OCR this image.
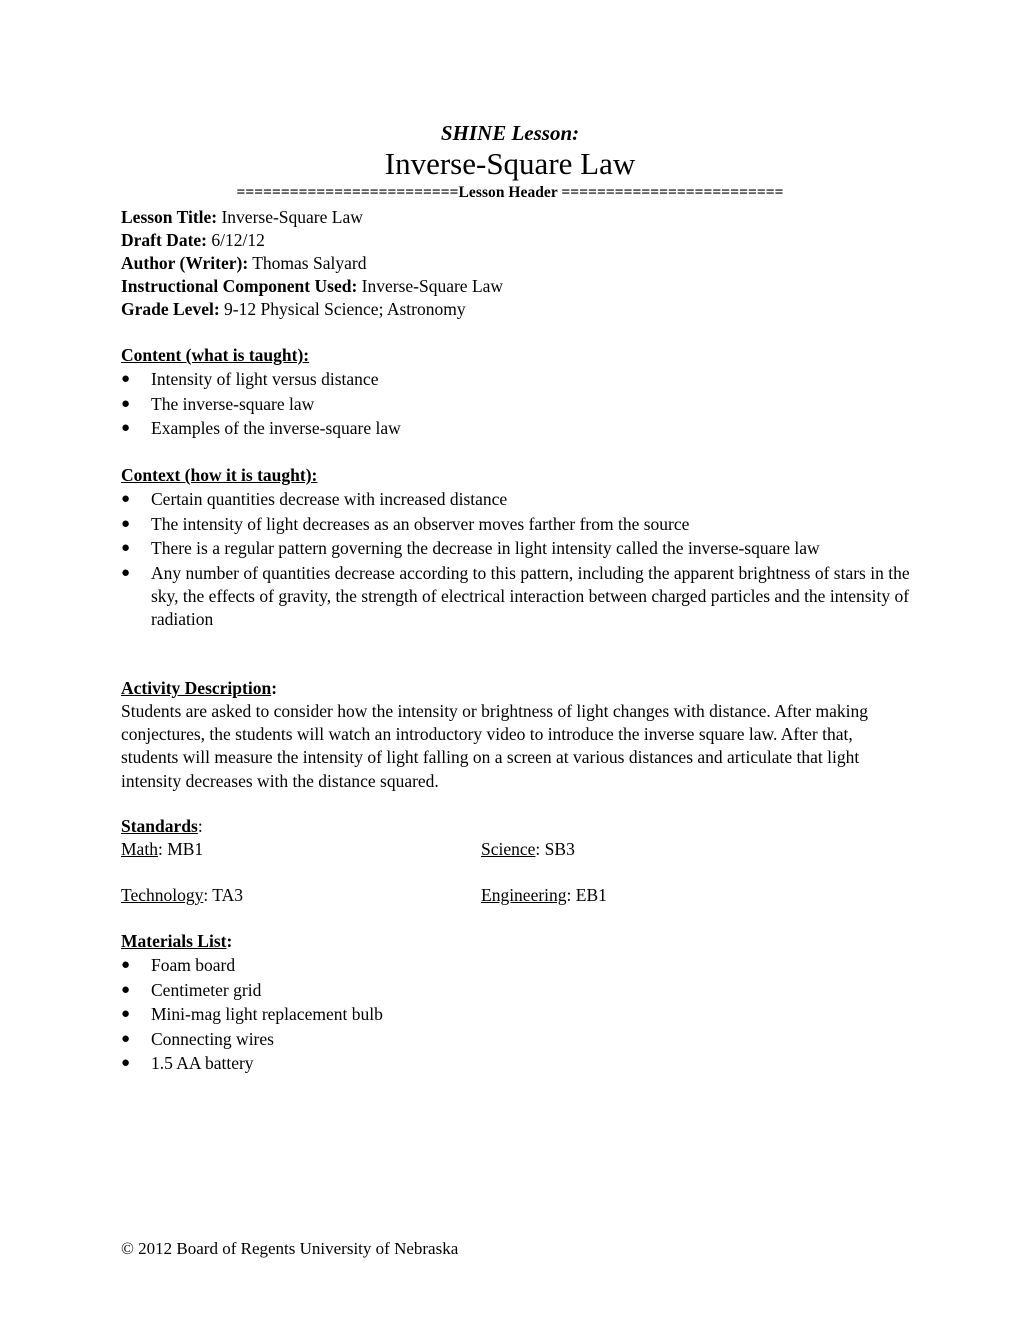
SHINE Lesson:
Inverse-Square Law
=========================Lesson Header =========================
Lesson Title: Inverse-Square Law
Draft Date: 6/12/12
Author (Writer): Thomas Salyard
Instructional Component Used: Inverse-Square Law
Grade Level: 9-12 Physical Science; Astronomy
Content (what is taught):
● Intensity of light versus distance
● The inverse-square law
● Examples of the inverse-square law
Context (how it is taught):
● Certain quantities decrease with increased distance
● The intensity of light decreases as an observer moves farther from the source
● There is a regular pattern governing the decrease in light intensity called the inverse-square law
● Any number of quantities decrease according to this pattern, including the apparent brightness of stars in the sky, the effects of gravity, the strength of electrical interaction between charged particles and the intensity of radiation
Activity Description:
Students are asked to consider how the intensity or brightness of light changes with distance. After making conjectures, the students will watch an introductory video to introduce the inverse square law. After that, students will measure the intensity of light falling on a screen at various distances and articulate that light intensity decreases with the distance squared.
Standards:
Math: MB1	Science: SB3
Technology: TA3	Engineering: EB1
Materials List:
● Foam board
● Centimeter grid
● Mini-mag light replacement bulb
● Connecting wires
● 1.5 AA battery
© 2012 Board of Regents University of Nebraska
